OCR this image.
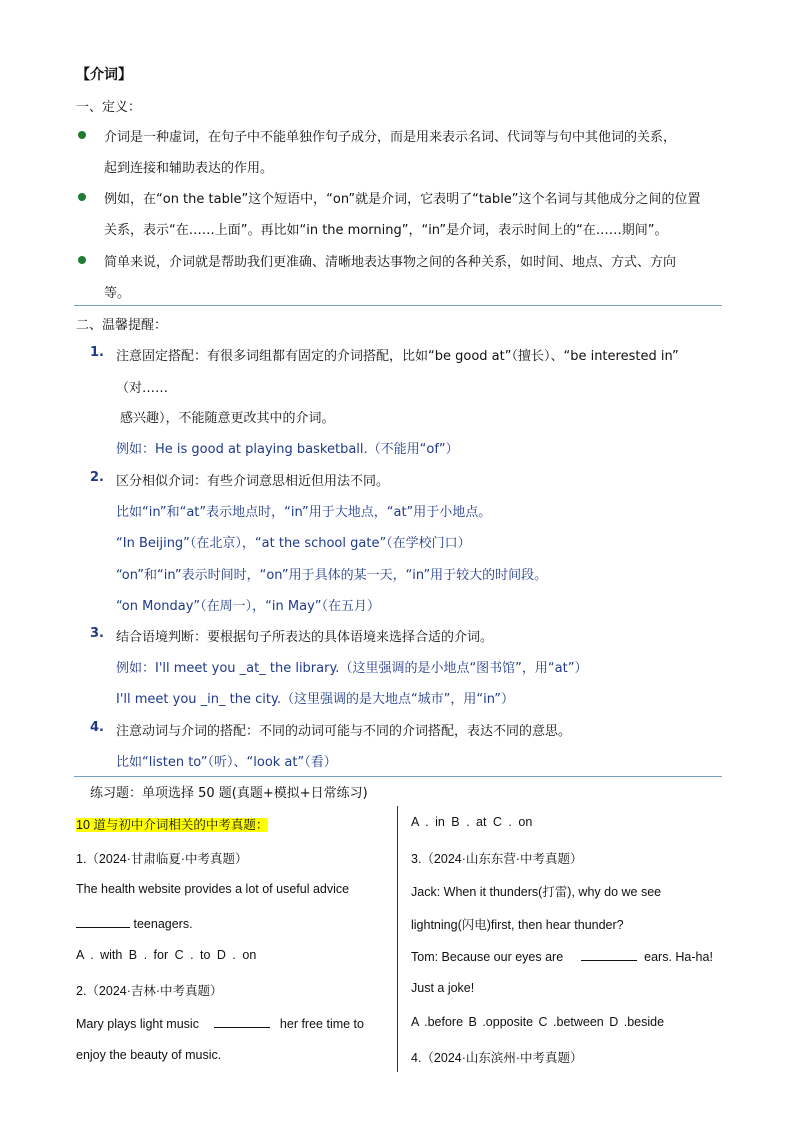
【介词】
一、定义：
介词是一种虚词，在句子中不能单独作句子成分，而是用来表示名词、代词等与句中其他词的关系，
起到连接和辅助表达的作用。
例如，在“on the table”这个短语中，“on”就是介词，它表明了“table”这个名词与其他成分之间的位置
关系，表示“在……上面”。再比如“in the morning”，“in”是介词，表示时间上的“在……期间”。
简单来说，介词就是帮助我们更准确、清晰地表达事物之间的各种关系，如时间、地点、方式、方向
等。
二、温馨提醒：
1. 注意固定搭配：有很多词组都有固定的介词搭配，比如“be good at”（擅长）、“be interested in”
（对……
感兴趣），不能随意更改其中的介词。
例如：He is good at playing basketball.（不能用“of”）
2. 区分相似介词：有些介词意思相近但用法不同。
比如“in”和“at”表示地点时，“in”用于大地点，“at”用于小地点。
“In Beijing”（在北京），“at the school gate”（在学校门口）
“on”和“in”表示时间时，“on”用于具体的某一天，“in”用于较大的时间段。
“on Monday”（在周一），“in May”（在五月）
3. 结合语境判断：要根据句子所表达的具体语境来选择合适的介词。
例如：I'll meet you _at_ the library.（这里强调的是小地点“图书馆”，用“at”）
I'll meet you _in_ the city.（这里强调的是大地点“城市”，用“in”）
4. 注意动词与介词的搭配：不同的动词可能与不同的介词搭配，表达不同的意思。
比如“listen to”（听）、“look at”（看）
练习题：单项选择 50 题(真题+模拟+日常练习)
10 道与初中介词相关的中考真题：
1.（2024·甘肃临夏·中考真题）
The health website provides a lot of useful advice
teenagers.
A . with B . for C . to D . on
2.（2024·吉林·中考真题）
Mary plays light music	her free time to
enjoy the beauty of music.
A . in B . at C . on
3.（2024·山东东营·中考真题）
Jack: When it thunders(打雷), why do we see
lightning(闪电)first, then hear thunder?
Tom: Because our eyes are	ears. Ha-ha!
Just a joke!
A .before B .opposite C .between D .beside
4.（2024·山东滨州·中考真题）
